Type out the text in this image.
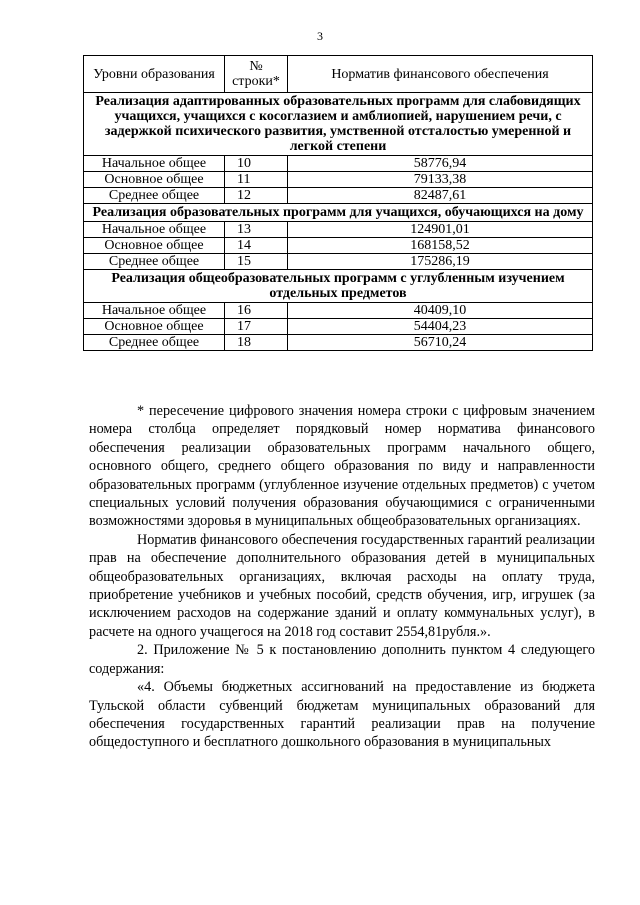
3
Уровни образования	№ строки*	Норматив финансового обеспечения
Реализация адаптированных образовательных программ для слабовидящих учащихся, учащихся с косоглазием и амблиопией, нарушением речи, с задержкой психического развития, умственной отсталостью умеренной и легкой степени		
Начальное общее	10	58776,94
Основное общее	11	79133,38
Среднее общее	12	82487,61
Реализация образовательных программ для учащихся, обучающихся на дому		
Начальное общее	13	124901,01
Основное общее	14	168158,52
Среднее общее	15	175286,19
Реализация общеобразовательных программ с углубленным изучением отдельных предметов		
Начальное общее	16	40409,10
Основное общее	17	54404,23
Среднее общее	18	56710,24

* пересечение цифрового значения номера строки с цифровым значением номера столбца определяет порядковый номер норматива финансового обеспечения реализации образовательных программ начального общего, основного общего, среднего общего образования по виду и направленности образовательных программ (углубленное изучение отдельных предметов) с учетом специальных условий получения образования обучающимися с ограниченными возможностями здоровья в муниципальных общеобразовательных организациях.

Норматив финансового обеспечения государственных гарантий реализации прав на обеспечение дополнительного образования детей в муниципальных общеобразовательных организациях, включая расходы на оплату труда, приобретение учебников и учебных пособий, средств обучения, игр, игрушек (за исключением расходов на содержание зданий и оплату коммунальных услуг), в расчете на одного учащегося на 2018 год составит 2554,81рубля.».

2. Приложение № 5 к постановлению дополнить пунктом 4 следующего содержания:

«4. Объемы бюджетных ассигнований на предоставление из бюджета Тульской области субвенций бюджетам муниципальных образований для обеспечения государственных гарантий реализации прав на получение общедоступного и бесплатного дошкольного образования в муниципальных
